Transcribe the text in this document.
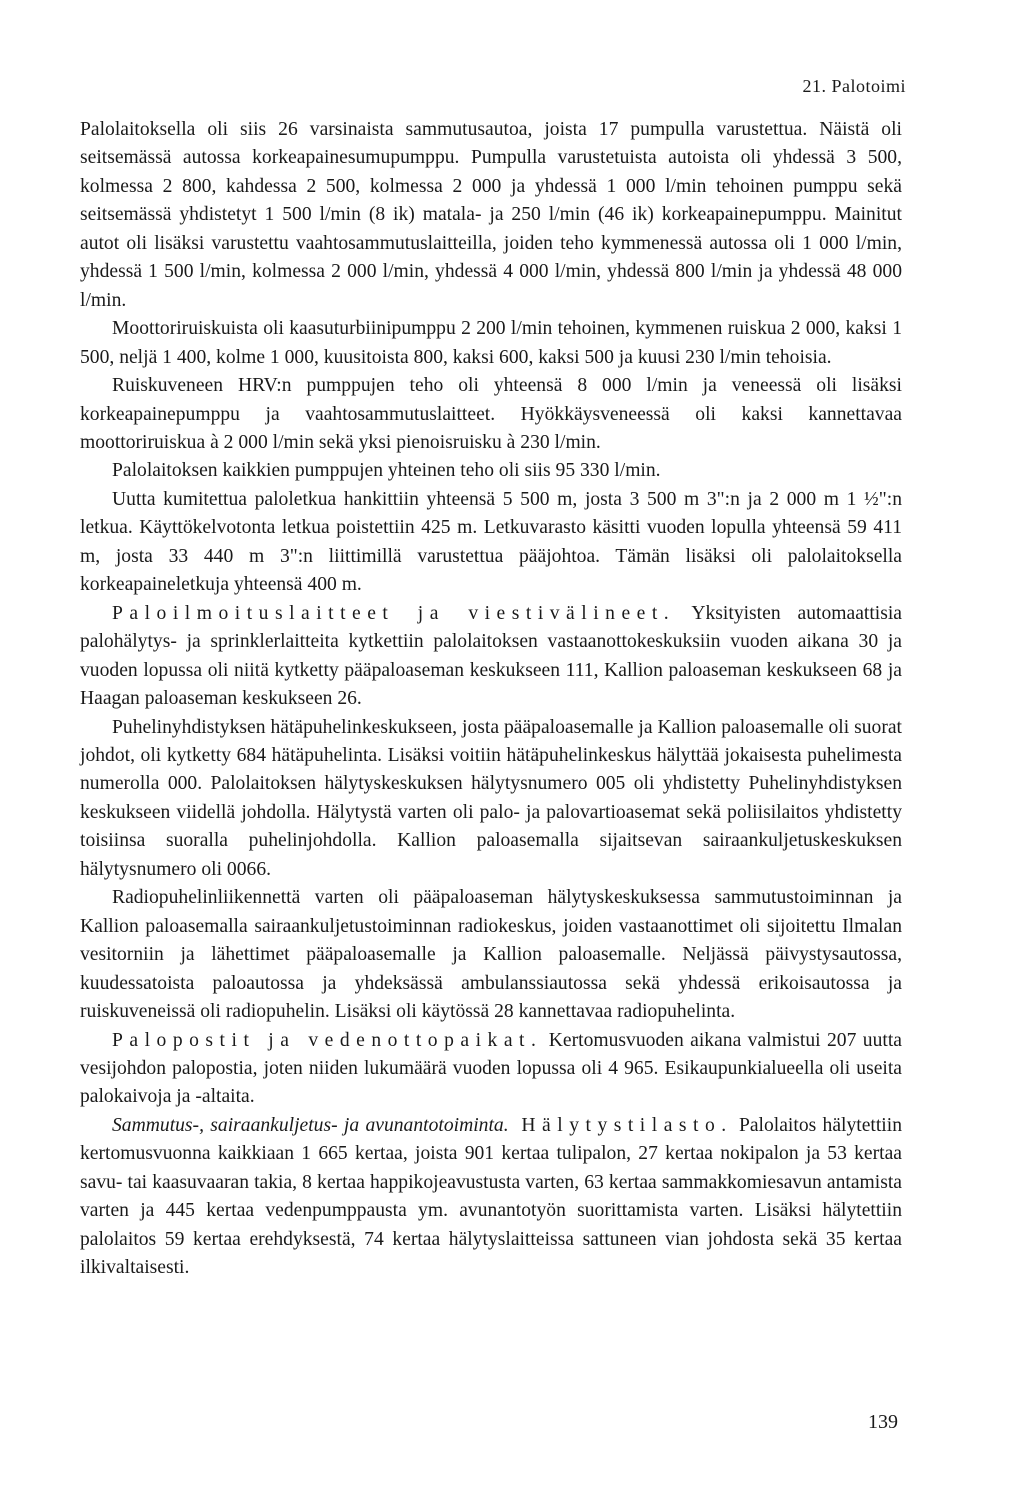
21. Palotoimi

Palolaitoksella oli siis 26 varsinaista sammutusautoa, joista 17 pumpulla varustettua. Näistä oli seitsemässä autossa korkeapainesumupumppu. Pumpulla varustetuista autoista oli yhdessä 3 500, kolmessa 2 800, kahdessa 2 500, kolmessa 2 000 ja yhdessä 1 000 l/min tehoinen pumppu sekä seitsemässä yhdistetyt 1 500 l/min (8 ik) matala- ja 250 l/min (46 ik) korkeapainepumppu. Mainitut autot oli lisäksi varustettu vaahtosammutuslaitteilla, joiden teho kymmenessä autossa oli 1 000 l/min, yhdessä 1 500 l/min, kolmessa 2 000 l/min, yhdessä 4 000 l/min, yhdessä 800 l/min ja yhdessä 48 000 l/min.

Moottoriruiskuista oli kaasuturbiinipumppu 2 200 l/min tehoinen, kymmenen ruiskua 2 000, kaksi 1 500, neljä 1 400, kolme 1 000, kuusitoista 800, kaksi 600, kaksi 500 ja kuusi 230 l/min tehoisia.

Ruiskuveneen HRV:n pumppujen teho oli yhteensä 8 000 l/min ja veneessä oli lisäksi korkeapainepumppu ja vaahtosammutuslaitteet. Hyökkäysveneessä oli kaksi kannettavaa moottoriruiskua à 2 000 l/min sekä yksi pienoisruisku à 230 l/min.

Palolaitoksen kaikkien pumppujen yhteinen teho oli siis 95 330 l/min.

Uutta kumitettua paloletkua hankittiin yhteensä 5 500 m, josta 3 500 m 3":n ja 2 000 m 1 ½":n letkua. Käyttökelvotonta letkua poistettiin 425 m. Letkuvarasto käsitti vuoden lopulla yhteensä 59 411 m, josta 33 440 m 3":n liittimillä varustettua pääjohtoa. Tämän lisäksi oli palolaitoksella korkeapaineletkuja yhteensä 400 m.

Paloilmoituslaitteet ja viestivälineet. Yksityisten automaattisia palohälytys- ja sprinklerlaitteita kytkettiin palolaitoksen vastaanottokeskuksiin vuoden aikana 30 ja vuoden lopussa oli niitä kytketty pääpaloaseman keskukseen 111, Kallion paloaseman keskukseen 68 ja Haagan paloaseman keskukseen 26.

Puhelinyhdistyksen hätäpuhelinkeskukseen, josta pääpaloasemalle ja Kallion paloasemalle oli suorat johdot, oli kytketty 684 hätäpuhelinta. Lisäksi voitiin hätäpuhelinkeskus hälyttää jokaisesta puhelimesta numerolla 000. Palolaitoksen hälytyskeskuksen hälytysnumero 005 oli yhdistetty Puhelinyhdistyksen keskukseen viidellä johdolla. Hälytystä varten oli palo- ja palovartioasemat sekä poliisilaitos yhdistetty toisiinsa suoralla puhelinjohdolla. Kallion paloasemalla sijaitsevan sairaankuljetuskeskuksen hälytysnumero oli 0066.

Radiopuhelinliikennettä varten oli pääpaloaseman hälytyskeskuksessa sammutustoiminnan ja Kallion paloasemalla sairaankuljetustoiminnan radiokeskus, joiden vastaanottimet oli sijoitettu Ilmalan vesitorniin ja lähettimet pääpaloasemalle ja Kallion paloasemalle. Neljässä päivystysautossa, kuudessatoista paloautossa ja yhdeksässä ambulanssiautossa sekä yhdessä erikoisautossa ja ruiskuveneissä oli radiopuhelin. Lisäksi oli käytössä 28 kannettavaa radiopuhelinta.

Palopostit ja vedenottopaikat. Kertomusvuoden aikana valmistui 207 uutta vesijohdon palopostia, joten niiden lukumäärä vuoden lopussa oli 4 965. Esikaupunkialueella oli useita palokaivoja ja -altaita.

Sammutus-, sairaankuljetus- ja avunantotoiminta. Hälytystilasto. Palolaitos hälytettiin kertomusvuonna kaikkiaan 1 665 kertaa, joista 901 kertaa tulipalon, 27 kertaa nokipalon ja 53 kertaa savu- tai kaasuvaaran takia, 8 kertaa happikojeavustusta varten, 63 kertaa sammakkomiesavun antamista varten ja 445 kertaa vedenpumppausta ym. avunantotyön suorittamista varten. Lisäksi hälytettiin palolaitos 59 kertaa erehdyksestä, 74 kertaa hälytyslaitteissa sattuneen vian johdosta sekä 35 kertaa ilkivaltaisesti.

139
